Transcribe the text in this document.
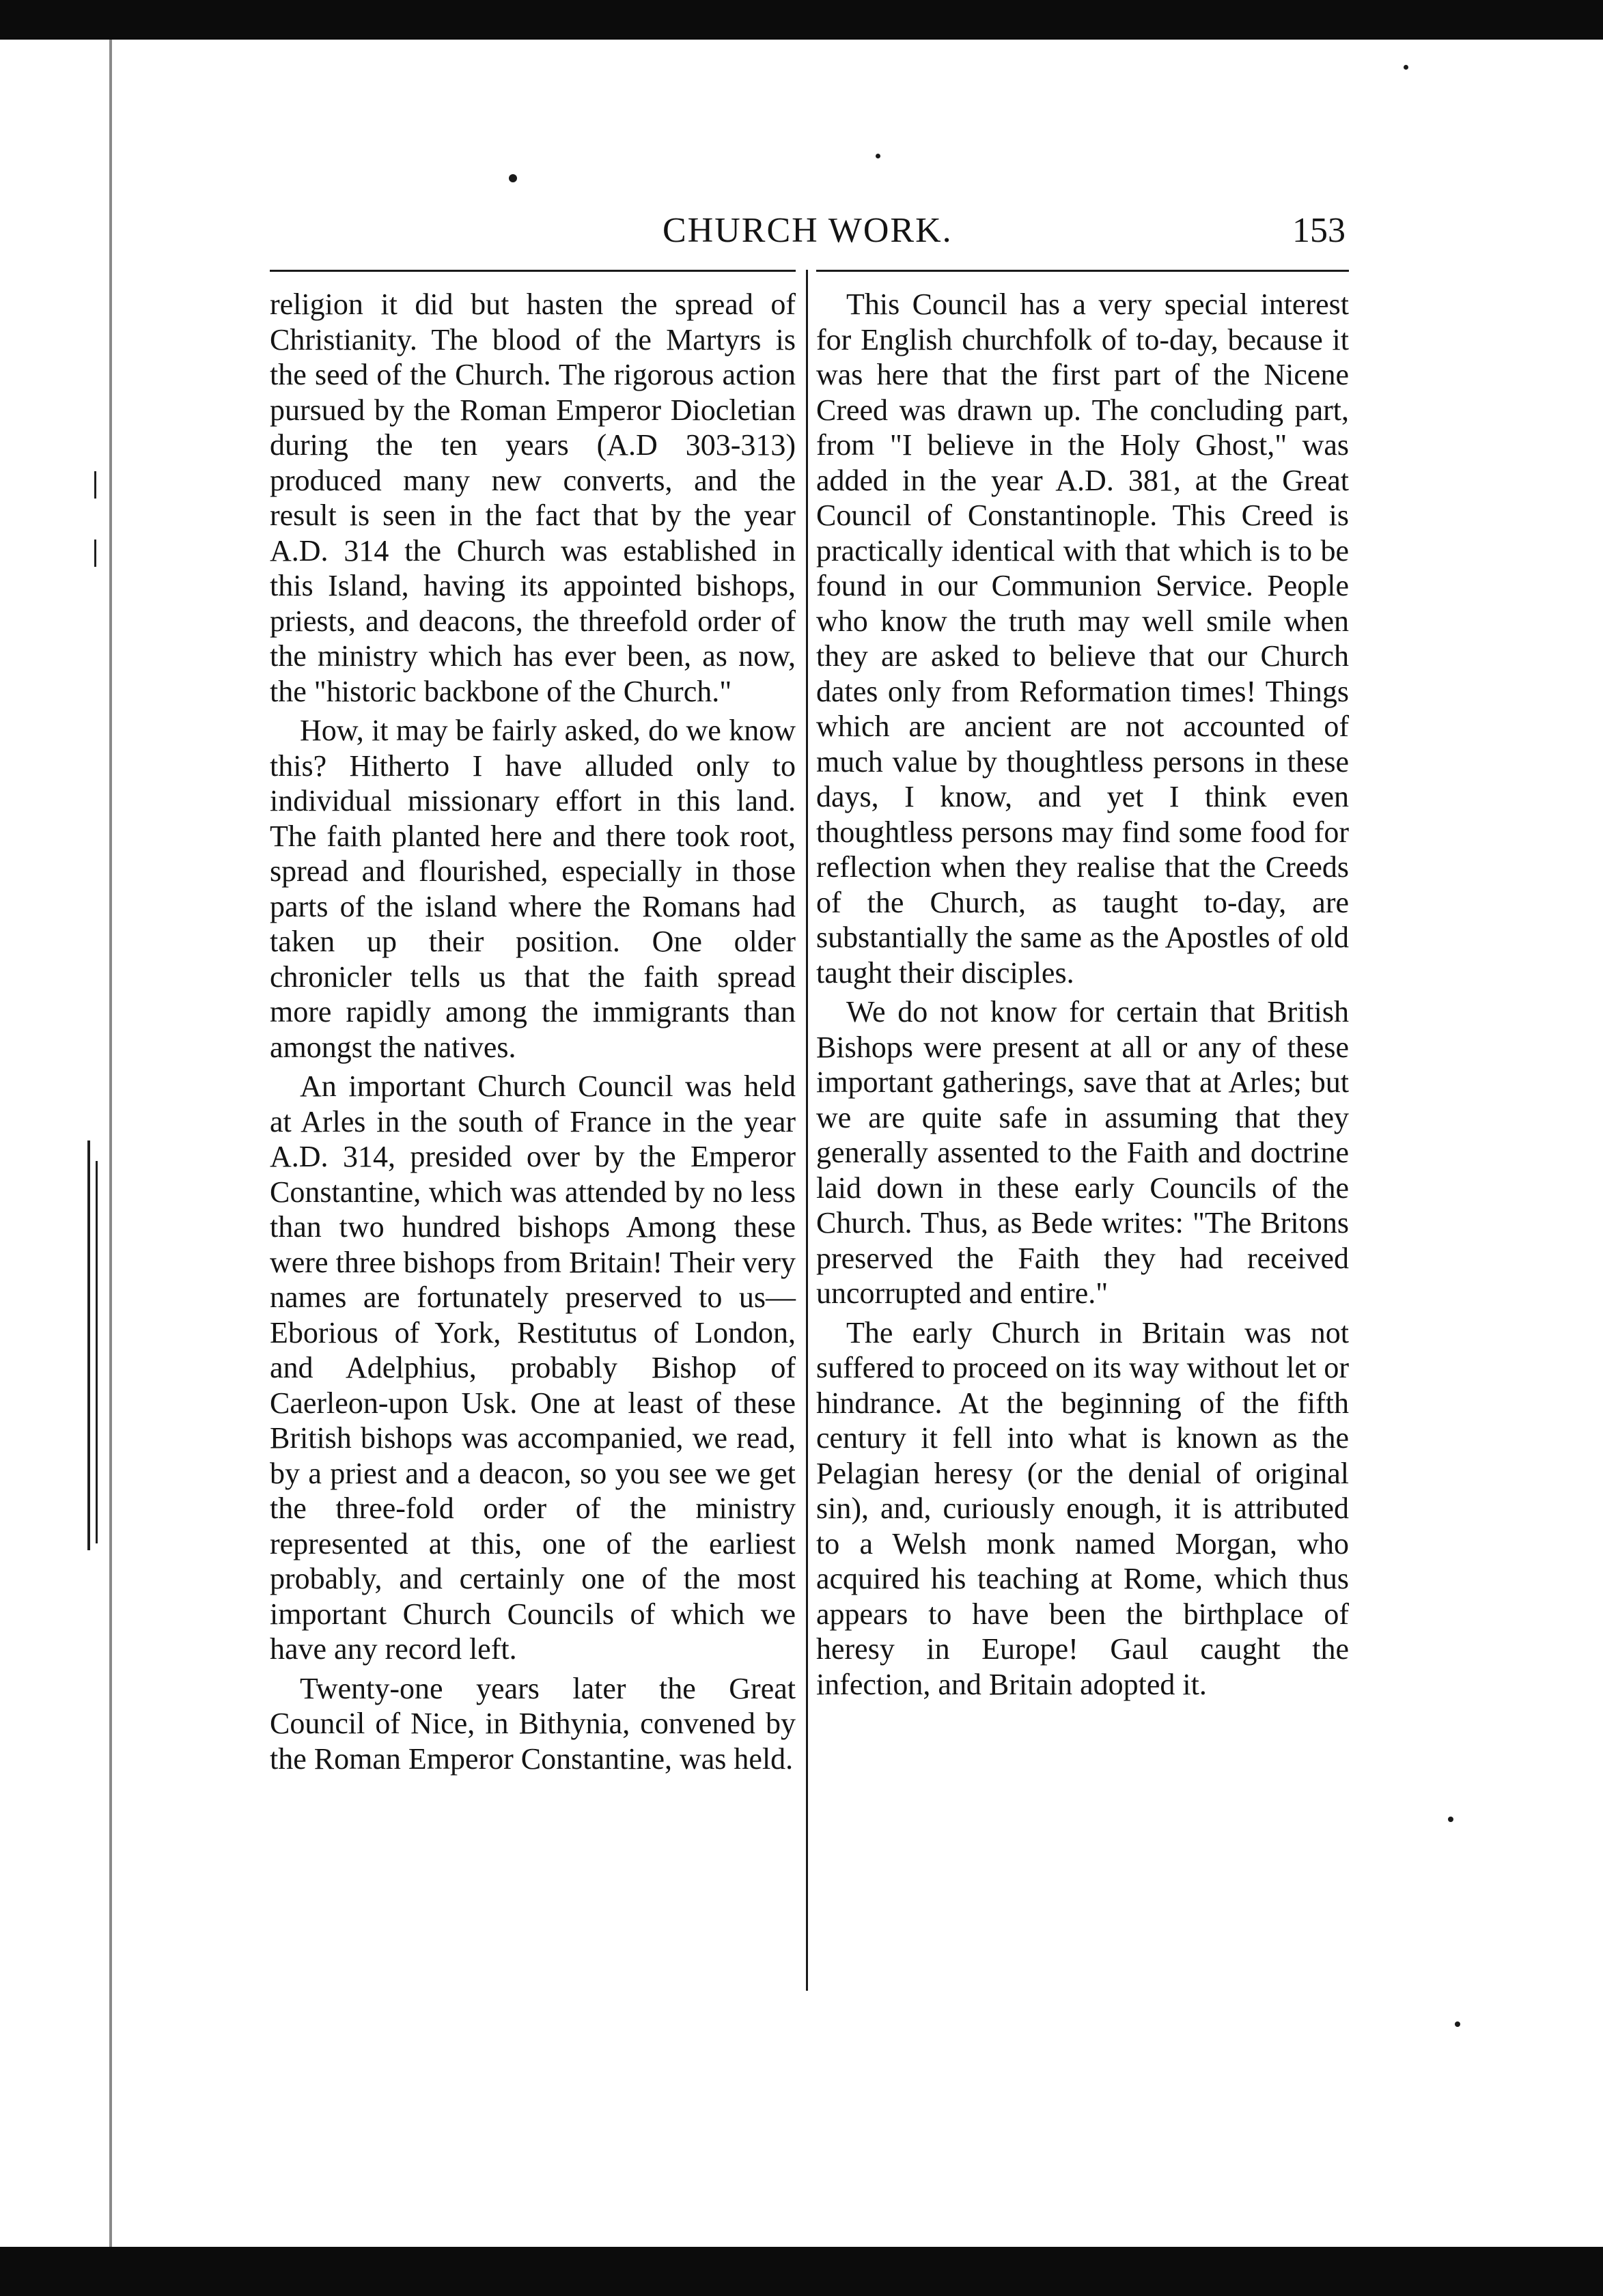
CHURCH WORK.	153

religion it did but hasten the spread of Christianity. The blood of the Martyrs is the seed of the Church. The rigorous action pursued by the Roman Emperor Diocletian during the ten years (A.D 303-313) produced many new converts, and the result is seen in the fact that by the year A.D. 314 the Church was established in this Island, having its appointed bishops, priests, and deacons, the threefold order of the ministry which has ever been, as now, the "historic backbone of the Church."

How, it may be fairly asked, do we know this? Hitherto I have alluded only to individual missionary effort in this land. The faith planted here and there took root, spread and flourished, especially in those parts of the island where the Romans had taken up their position. One older chronicler tells us that the faith spread more rapidly among the immigrants than amongst the natives.

An important Church Council was held at Arles in the south of France in the year A.D. 314, presided over by the Emperor Constantine, which was attended by no less than two hundred bishops Among these were three bishops from Britain! Their very names are fortunately preserved to us—Eborious of York, Restitutus of London, and Adelphius, probably Bishop of Caerleon-upon Usk. One at least of these British bishops was accompanied, we read, by a priest and a deacon, so you see we get the three-fold order of the ministry represented at this, one of the earliest probably, and certainly one of the most important Church Councils of which we have any record left.

Twenty-one years later the Great Council of Nice, in Bithynia, convened by the Roman Emperor Constantine, was held.

This Council has a very special interest for English churchfolk of to-day, because it was here that the first part of the Nicene Creed was drawn up. The concluding part, from "I believe in the Holy Ghost," was added in the year A.D. 381, at the Great Council of Constantinople. This Creed is practically identical with that which is to be found in our Communion Service. People who know the truth may well smile when they are asked to believe that our Church dates only from Reformation times! Things which are ancient are not accounted of much value by thoughtless persons in these days, I know, and yet I think even thoughtless persons may find some food for reflection when they realise that the Creeds of the Church, as taught to-day, are substantially the same as the Apostles of old taught their disciples.

We do not know for certain that British Bishops were present at all or any of these important gatherings, save that at Arles; but we are quite safe in assuming that they generally assented to the Faith and doctrine laid down in these early Councils of the Church. Thus, as Bede writes: "The Britons preserved the Faith they had received uncorrupted and entire."

The early Church in Britain was not suffered to proceed on its way without let or hindrance. At the beginning of the fifth century it fell into what is known as the Pelagian heresy (or the denial of original sin), and, curiously enough, it is attributed to a Welsh monk named Morgan, who acquired his teaching at Rome, which thus appears to have been the birthplace of heresy in Europe! Gaul caught the infection, and Britain adopted it.
